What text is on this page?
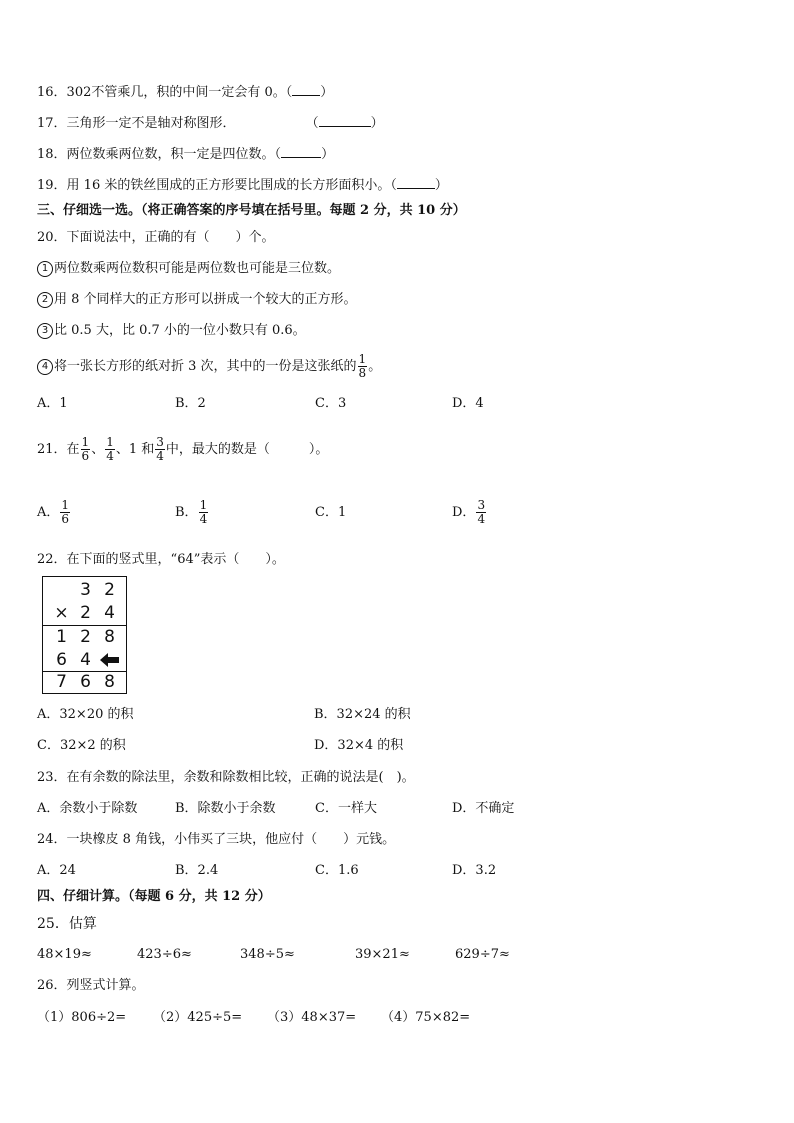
16．302不管乘几，积的中间一定会有 0。（ ）
17．三角形一定不是轴对称图形．	（	）
18．两位数乘两位数，积一定是四位数。（	）
19．用 16 米的铁丝围成的正方形要比围成的长方形面积小。（	）
三、仔细选一选。（将正确答案的序号填在括号里。每题 2 分，共 10 分）
20．下面说法中，正确的有（　　）个。
1 两位数乘两位数积可能是两位数也可能是三位数。
2 用 8 个同样大的正方形可以拼成一个较大的正方形。
3 比 0.5 大，比 0.7 小的一位小数只有 0.6。
4 将一张长方形的纸对折 3 次，其中的一份是这张纸的 $\frac{1}{8}$ 。
A．1	B．2	C．3	D．4
21．在 $\frac{1}{6}$ 、 $\frac{1}{4}$ 、1 和 $\frac{3}{4}$ 中，最大的数是（　　　）。
A． $\frac{1}{6}$	B． $\frac{1}{4}$	C．1	D． $\frac{3}{4}$
22．在下面的竖式里，“64”表示（　　）。
3 2
× 2 4
1 2 8
6 4
7 6 8
A．32×20 的积	B．32×24 的积
C．32×2 的积	D．32×4 的积
23．在有余数的除法里，余数和除数相比较，正确的说法是(　)。
A．余数小于除数	B．除数小于余数	C．一样大	D．不确定
24．一块橡皮 8 角钱，小伟买了三块，他应付（　　）元钱。
A．24	B．2.4	C．1.6	D．3.2
四、仔细计算。（每题 6 分，共 12 分）
25．估算
48×19≈	423÷6≈	348÷5≈	39×21≈	629÷7≈
26．列竖式计算。
（1）806÷2= （2）425÷5= （3）48×37= （4）75×82=
